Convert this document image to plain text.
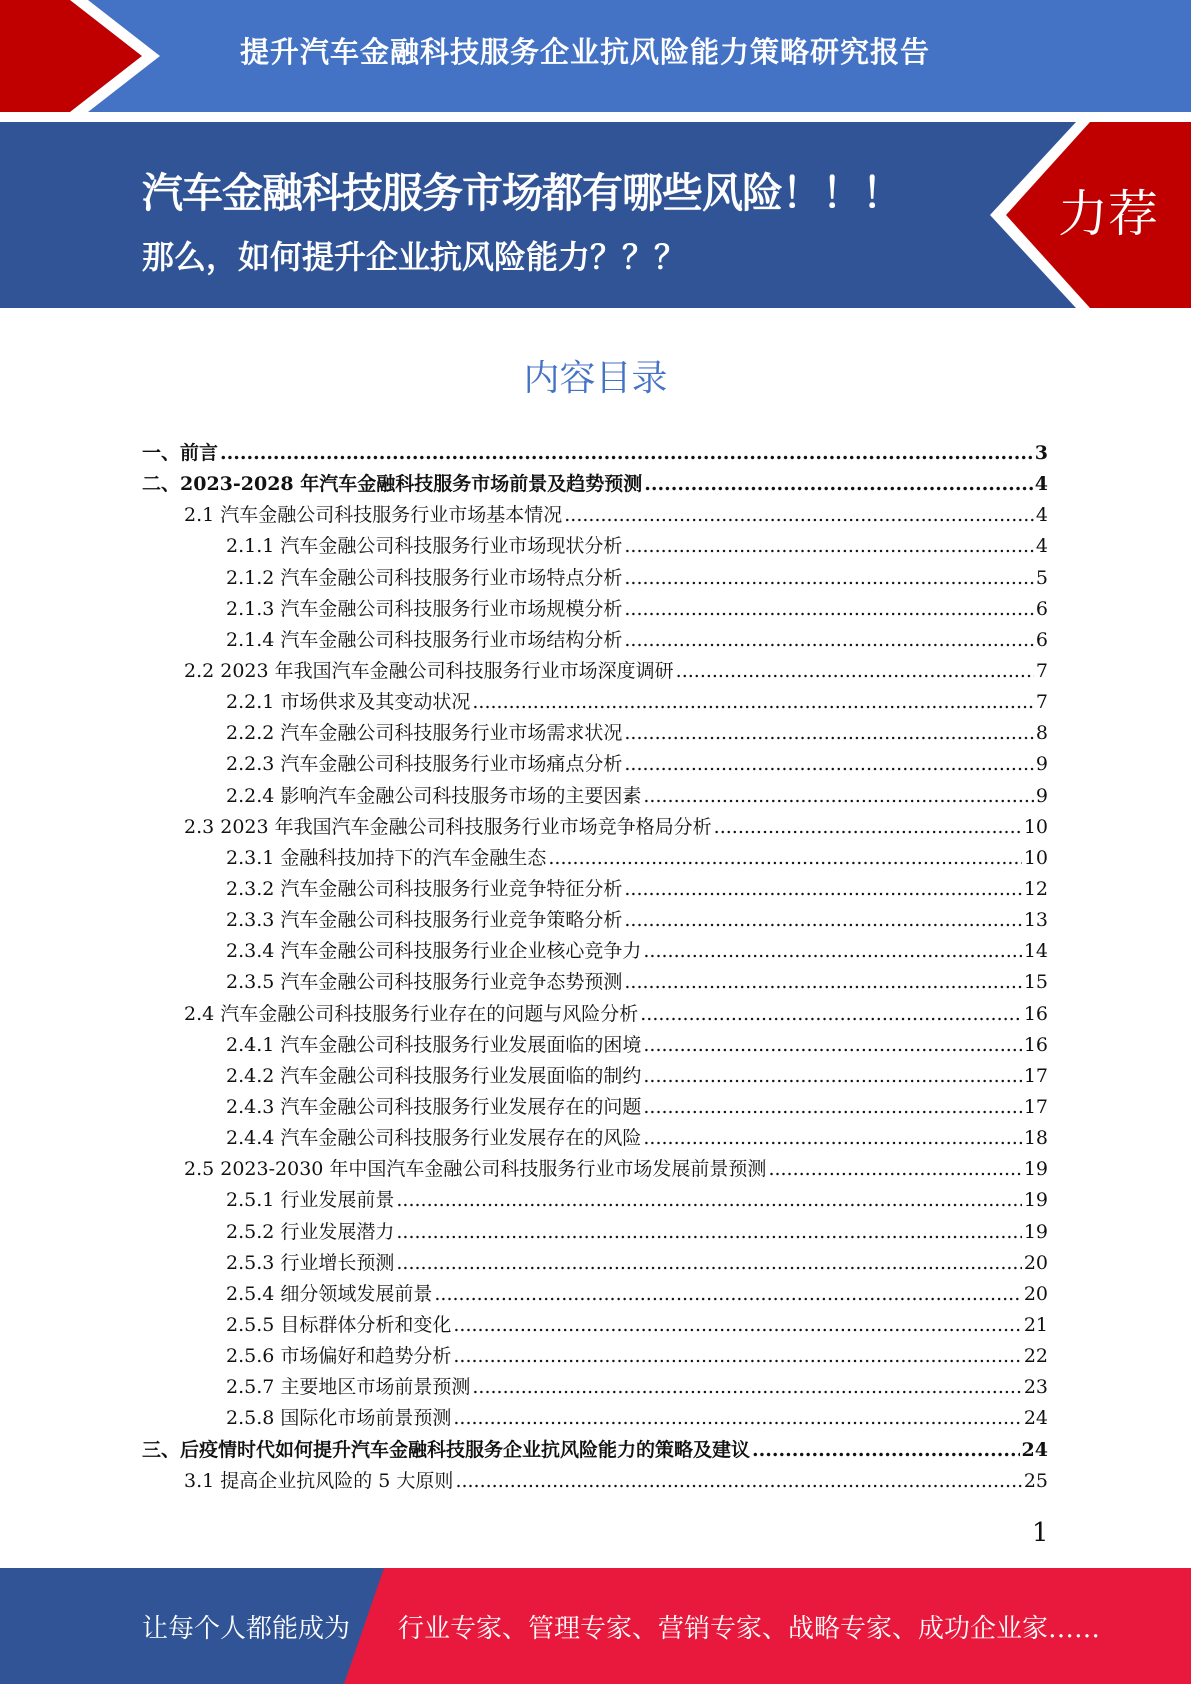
提升汽车金融科技服务企业抗风险能力策略研究报告
汽车金融科技服务市场都有哪些风险！！！
那么，如何提升企业抗风险能力？？？
力荐
内容目录
一、前言 .....	3
二、2023-2028 年汽车金融科技服务市场前景及趋势预测 .....	4
2.1 汽车金融公司科技服务行业市场基本情况 .....	4
2.1.1 汽车金融公司科技服务行业市场现状分析 .....	4
2.1.2 汽车金融公司科技服务行业市场特点分析 .....	5
2.1.3 汽车金融公司科技服务行业市场规模分析 .....	6
2.1.4 汽车金融公司科技服务行业市场结构分析 .....	6
2.2 2023 年我国汽车金融公司科技服务行业市场深度调研 .....	7
2.2.1 市场供求及其变动状况 .....	7
2.2.2 汽车金融公司科技服务行业市场需求状况 .....	8
2.2.3 汽车金融公司科技服务行业市场痛点分析 .....	9
2.2.4 影响汽车金融公司科技服务市场的主要因素 .....	9
2.3 2023 年我国汽车金融公司科技服务行业市场竞争格局分析 .....	10
2.3.1 金融科技加持下的汽车金融生态 .....	10
2.3.2 汽车金融公司科技服务行业竞争特征分析 .....	12
2.3.3 汽车金融公司科技服务行业竞争策略分析 .....	13
2.3.4 汽车金融公司科技服务行业企业核心竞争力 .....	14
2.3.5 汽车金融公司科技服务行业竞争态势预测 .....	15
2.4 汽车金融公司科技服务行业存在的问题与风险分析 .....	16
2.4.1 汽车金融公司科技服务行业发展面临的困境 .....	16
2.4.2 汽车金融公司科技服务行业发展面临的制约 .....	17
2.4.3 汽车金融公司科技服务行业发展存在的问题 .....	17
2.4.4 汽车金融公司科技服务行业发展存在的风险 .....	18
2.5 2023-2030 年中国汽车金融公司科技服务行业市场发展前景预测 .....	19
2.5.1 行业发展前景 .....	19
2.5.2 行业发展潜力 .....	19
2.5.3 行业增长预测 .....	20
2.5.4 细分领域发展前景 .....	20
2.5.5 目标群体分析和变化 .....	21
2.5.6 市场偏好和趋势分析 .....	22
2.5.7 主要地区市场前景预测 .....	23
2.5.8 国际化市场前景预测 .....	24
三、后疫情时代如何提升汽车金融科技服务企业抗风险能力的策略及建议 .....	24
3.1 提高企业抗风险的 5 大原则 .....	25
1
让每个人都能成为 行业专家、管理专家、营销专家、战略专家、成功企业家……
